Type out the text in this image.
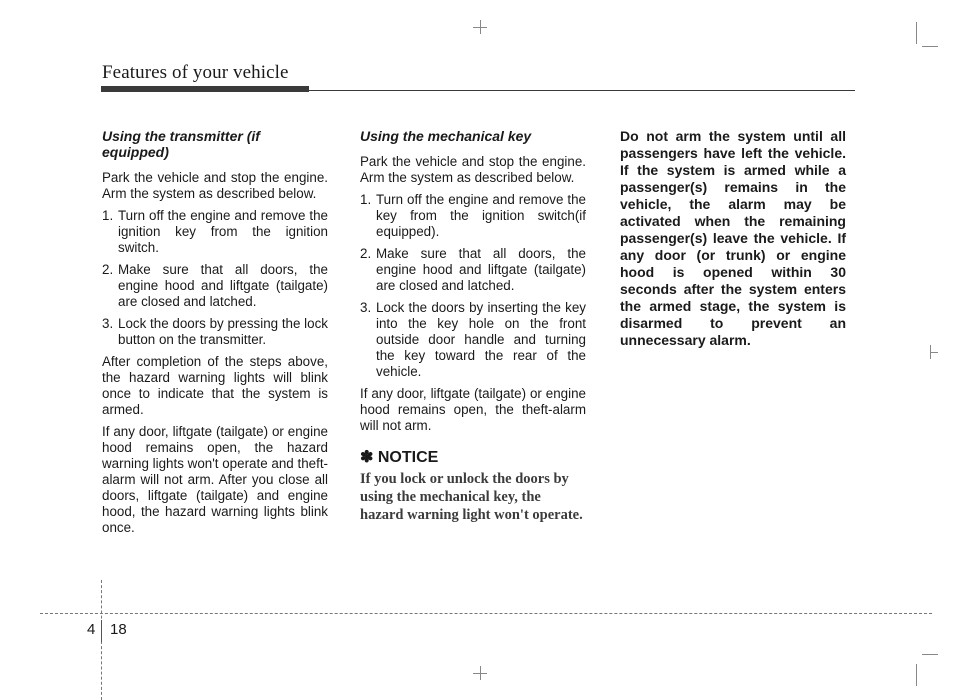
Features of your vehicle
Using the transmitter (if equipped)

Park the vehicle and stop the engine. Arm the system as described below.

1. Turn off the engine and remove the ignition key from the ignition switch.
2. Make sure that all doors, the engine hood and liftgate (tailgate) are closed and latched.
3. Lock the doors by pressing the lock button on the transmitter.

After completion of the steps above, the hazard warning lights will blink once to indicate that the system is armed.

If any door, liftgate (tailgate) or engine hood remains open, the hazard warning lights won't operate and theft-alarm will not arm. After you close all doors, liftgate (tailgate) and engine hood, the hazard warning lights blink once.

Using the mechanical key

Park the vehicle and stop the engine. Arm the system as described below.

1. Turn off the engine and remove the key from the ignition switch(if equipped).
2. Make sure that all doors, the engine hood and liftgate (tailgate) are closed and latched.
3. Lock the doors by inserting the key into the key hole on the front outside door handle and turning the key toward the rear of the vehicle.

If any door, liftgate (tailgate) or engine hood remains open, the theft-alarm will not arm.

✽ NOTICE
If you lock or unlock the doors by using the mechanical key, the hazard warning light won't operate.

Do not arm the system until all passengers have left the vehicle. If the system is armed while a passenger(s) remains in the vehicle, the alarm may be activated when the remaining passenger(s) leave the vehicle. If any door (or trunk) or engine hood is opened within 30 seconds after the system enters the armed stage, the system is disarmed to prevent an unnecessary alarm.

4 18
